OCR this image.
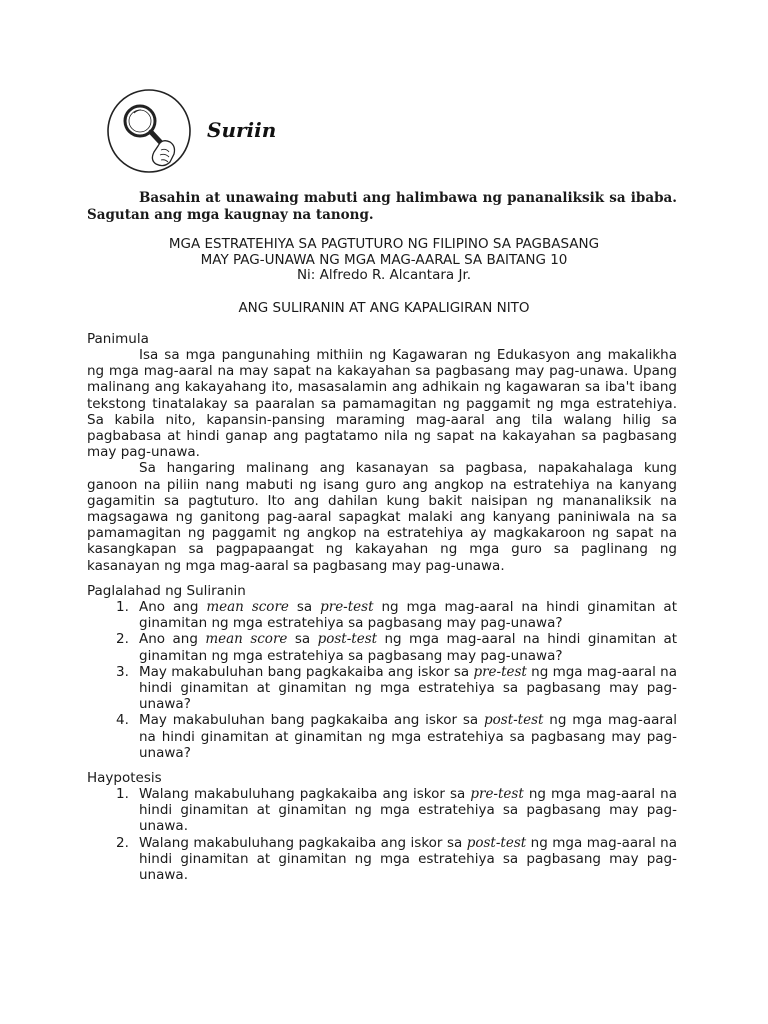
Suriin
Basahin at unawaing mabuti ang halimbawa ng pananaliksik sa ibaba. Sagutan ang mga kaugnay na tanong.
MGA ESTRATEHIYA SA PAGTUTURO NG FILIPINO SA PAGBASANG
MAY PAG-UNAWA NG MGA MAG-AARAL SA BAITANG 10
Ni: Alfredo R. Alcantara Jr.
ANG SULIRANIN AT ANG KAPALIGIRAN NITO
Panimula

Isa sa mga pangunahing mithiin ng Kagawaran ng Edukasyon ang makalikha ng mga mag-aaral na may sapat na kakayahan sa pagbasang may pag-unawa. Upang malinang ang kakayahang ito, masasalamin ang adhikain ng kagawaran sa iba't ibang tekstong tinatalakay sa paaralan sa pamamagitan ng paggamit ng mga estratehiya. Sa kabila nito, kapansin-pansing maraming mag-aaral ang tila walang hilig sa pagbabasa at hindi ganap ang pagtatamo nila ng sapat na kakayahan sa pagbasang may pag-unawa.

Sa hangaring malinang ang kasanayan sa pagbasa, napakahalaga kung ganoon na piliin nang mabuti ng isang guro ang angkop na estratehiya na kanyang gagamitin sa pagtuturo. Ito ang dahilan kung bakit naisipan ng mananaliksik na magsagawa ng ganitong pag-aaral sapagkat malaki ang kanyang paniniwala na sa pamamagitan ng paggamit ng angkop na estratehiya ay magkakaroon ng sapat na kasangkapan sa pagpapaangat ng kakayahan ng mga guro sa paglinang ng kasanayan ng mga mag-aaral sa pagbasang may pag-unawa.

Paglalahad ng Suliranin
1. Ano ang mean score sa pre-test ng mga mag-aaral na hindi ginamitan at ginamitan ng mga estratehiya sa pagbasang may pag-unawa?
2. Ano ang mean score sa post-test ng mga mag-aaral na hindi ginamitan at ginamitan ng mga estratehiya sa pagbasang may pag-unawa?
3. May makabuluhan bang pagkakaiba ang iskor sa pre-test ng mga mag-aaral na hindi ginamitan at ginamitan ng mga estratehiya sa pagbasang may pag-unawa?
4. May makabuluhan bang pagkakaiba ang iskor sa post-test ng mga mag-aaral na hindi ginamitan at ginamitan ng mga estratehiya sa pagbasang may pag-unawa?
Haypotesis
1. Walang makabuluhang pagkakaiba ang iskor sa pre-test ng mga mag-aaral na hindi ginamitan at ginamitan ng mga estratehiya sa pagbasang may pag-unawa.
2. Walang makabuluhang pagkakaiba ang iskor sa post-test ng mga mag-aaral na hindi ginamitan at ginamitan ng mga estratehiya sa pagbasang may pag-unawa.
